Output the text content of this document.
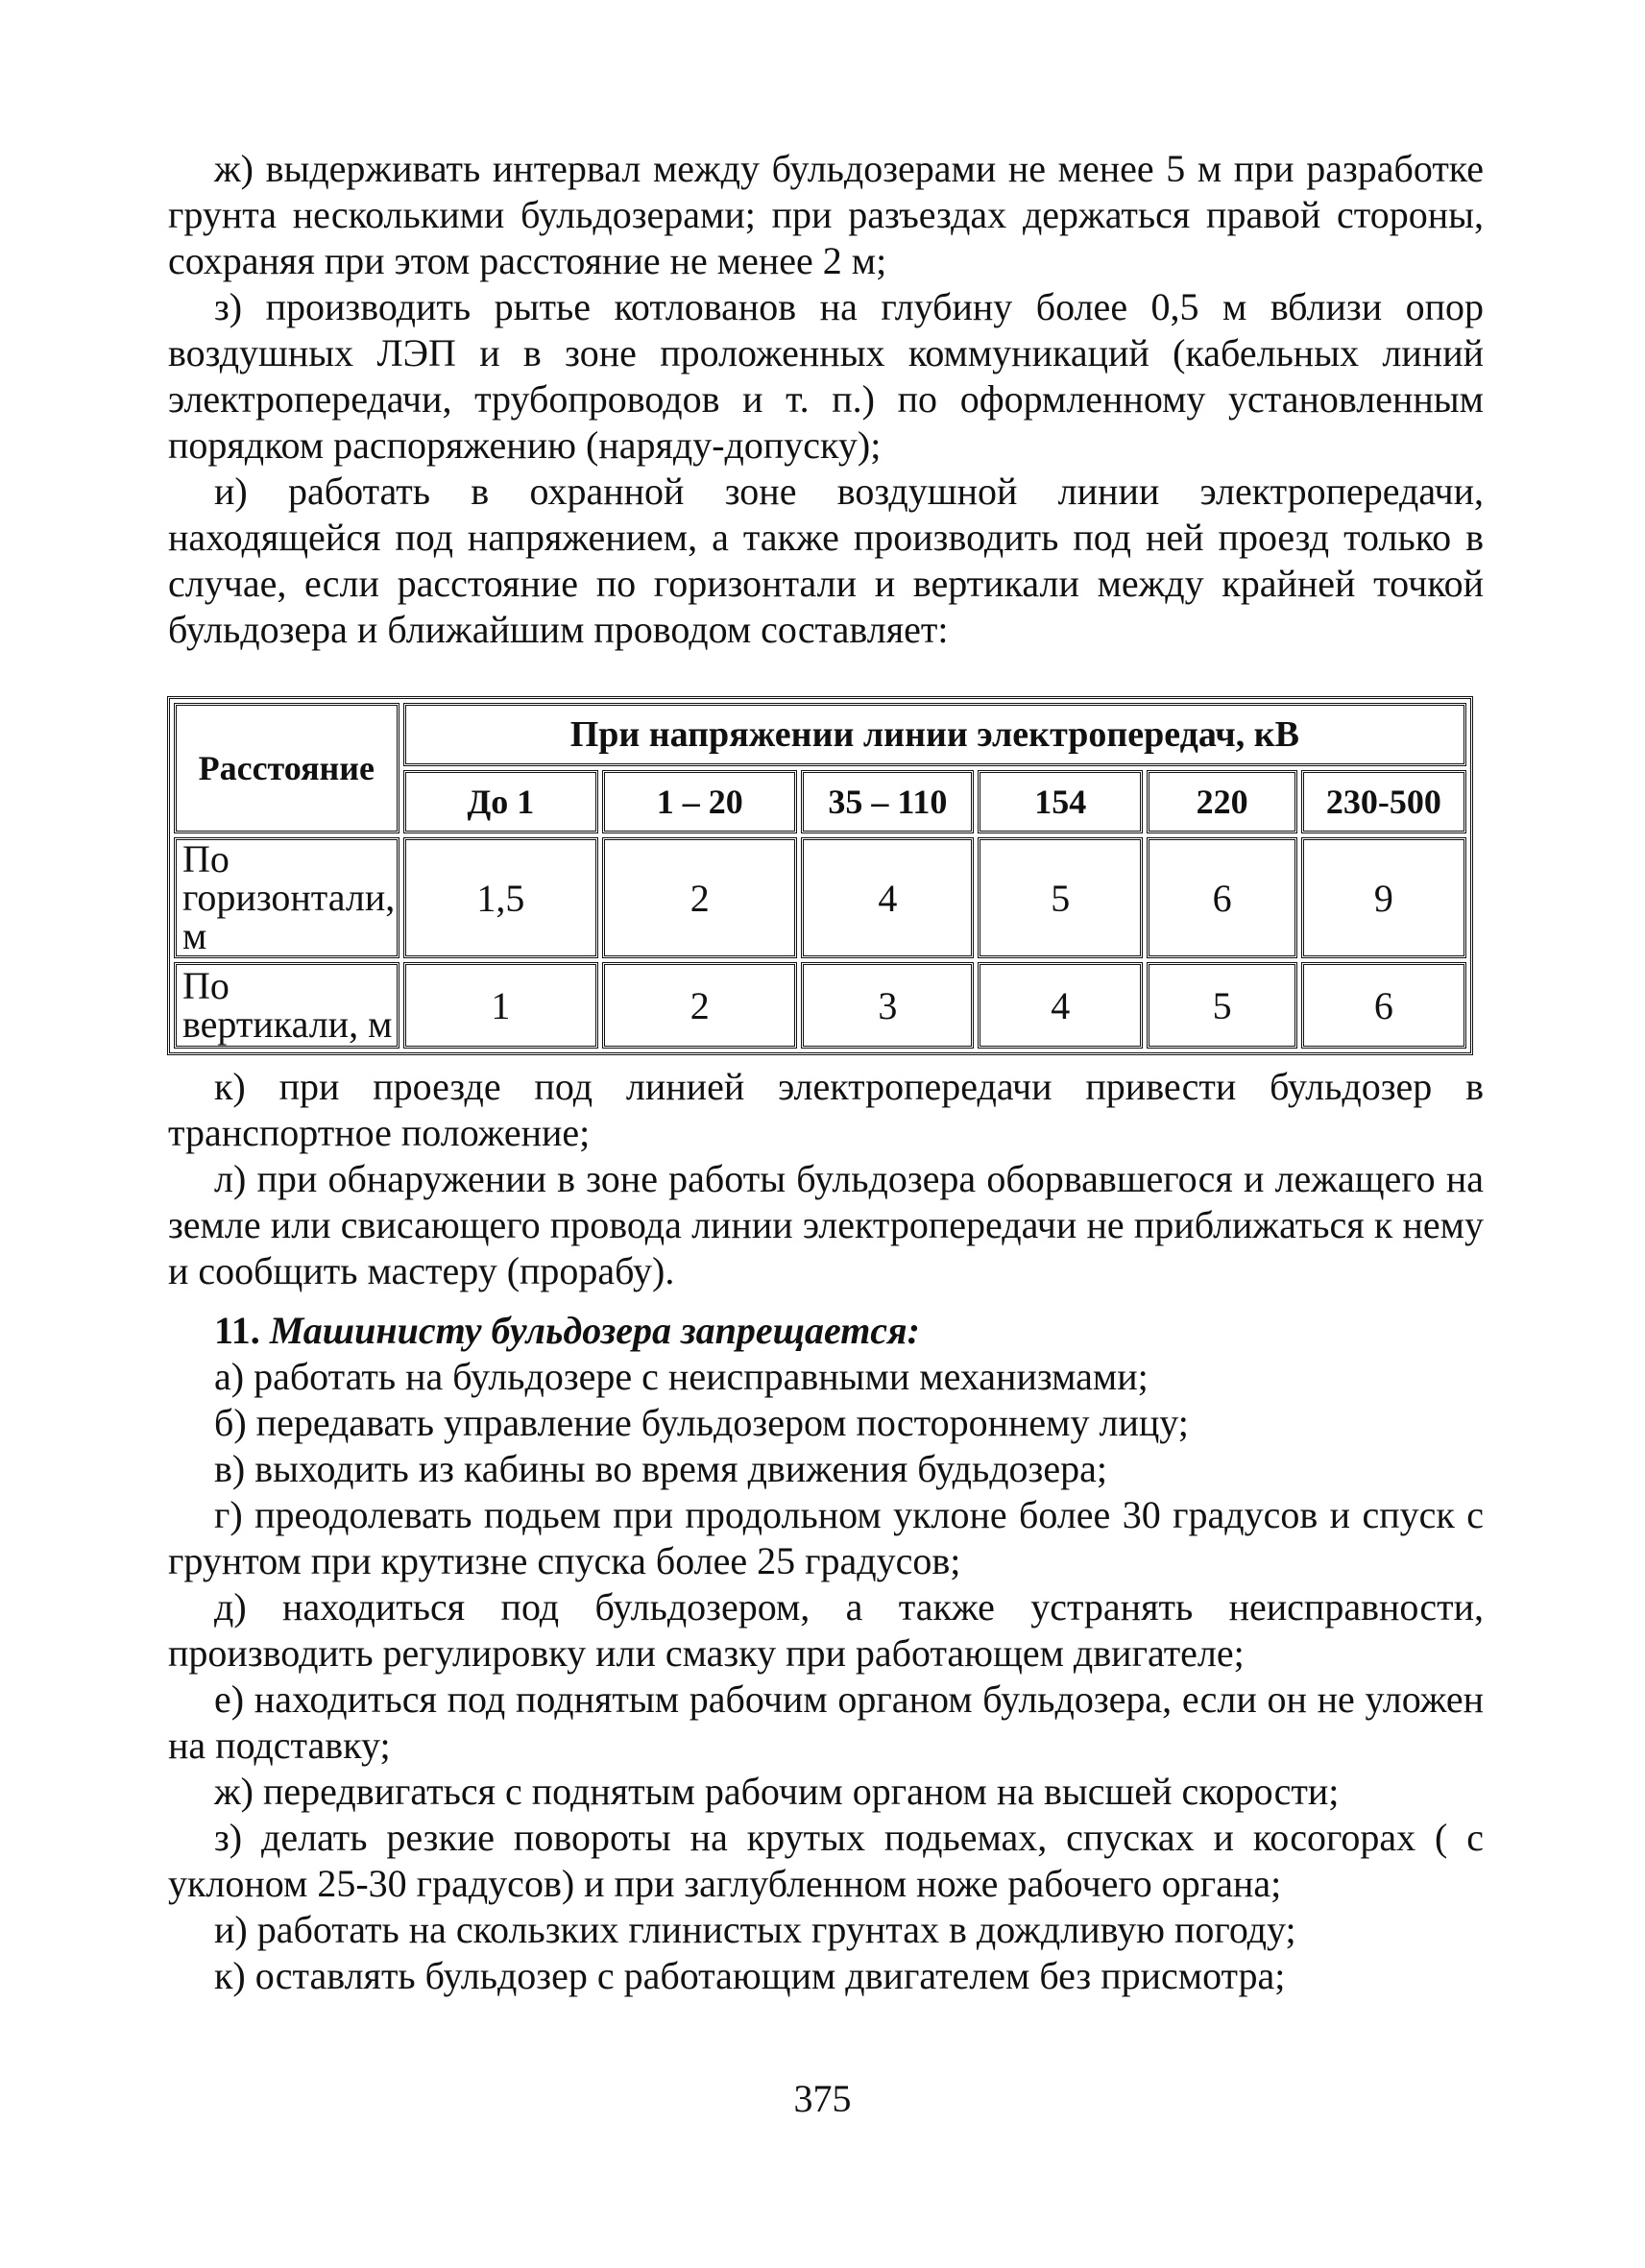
ж) выдерживать интервал между бульдозерами не менее 5 м при разработке грунта несколькими бульдозерами; при разъездах держаться правой стороны, сохраняя при этом расстояние не менее 2 м;

з) производить рытье котлованов на глубину более 0,5 м вблизи опор воздушных ЛЭП и в зоне проложенных коммуникаций (кабельных линий электропередачи, трубопроводов и т. п.) по оформленному установленным порядком распоряжению (наряду-допуску);

и) работать в охранной зоне воздушной линии электропередачи, находящейся под напряжением, а также производить под ней проезд только в случае, если расстояние по горизонтали и вертикали между крайней точкой бульдозера и ближайшим проводом составляет:

Расстояние	При напряжении линии электропередач, кВ					
	До 1	1 – 20	35 – 110	154	220	230-500
По горизонтали, м	1,5	2	4	5	6	9
По вертикали, м	1	2	3	4	5	6

к) при проезде под линией электропередачи привести бульдозер в транспортное положение;

л) при обнаружении в зоне работы бульдозера оборвавшегося и лежащего на земле или свисающего провода линии электропередачи не приближаться к нему и сообщить мастеру (прорабу).

11. Машинисту бульдозера запрещается:

а) работать на бульдозере с неисправными механизмами;

б) передавать управление бульдозером постороннему лицу;

в) выходить из кабины во время движения будьдозера;

г) преодолевать подьем при продольном уклоне более 30 градусов и спуск с грунтом при крутизне спуска более 25 градусов;

д) находиться под бульдозером, а также устранять неисправности, производить регулировку или смазку при работающем двигателе;

е) находиться под поднятым рабочим органом бульдозера, если он не уложен на подставку;

ж) передвигаться с поднятым рабочим органом на высшей скорости;

з) делать резкие повороты на крутых подьемах, спусках и косогорах ( с уклоном 25-30 градусов) и при заглубленном ноже рабочего органа;

и) работать на скользких глинистых грунтах в дождливую погоду;

к) оставлять бульдозер с работающим двигателем без присмотра;

375
